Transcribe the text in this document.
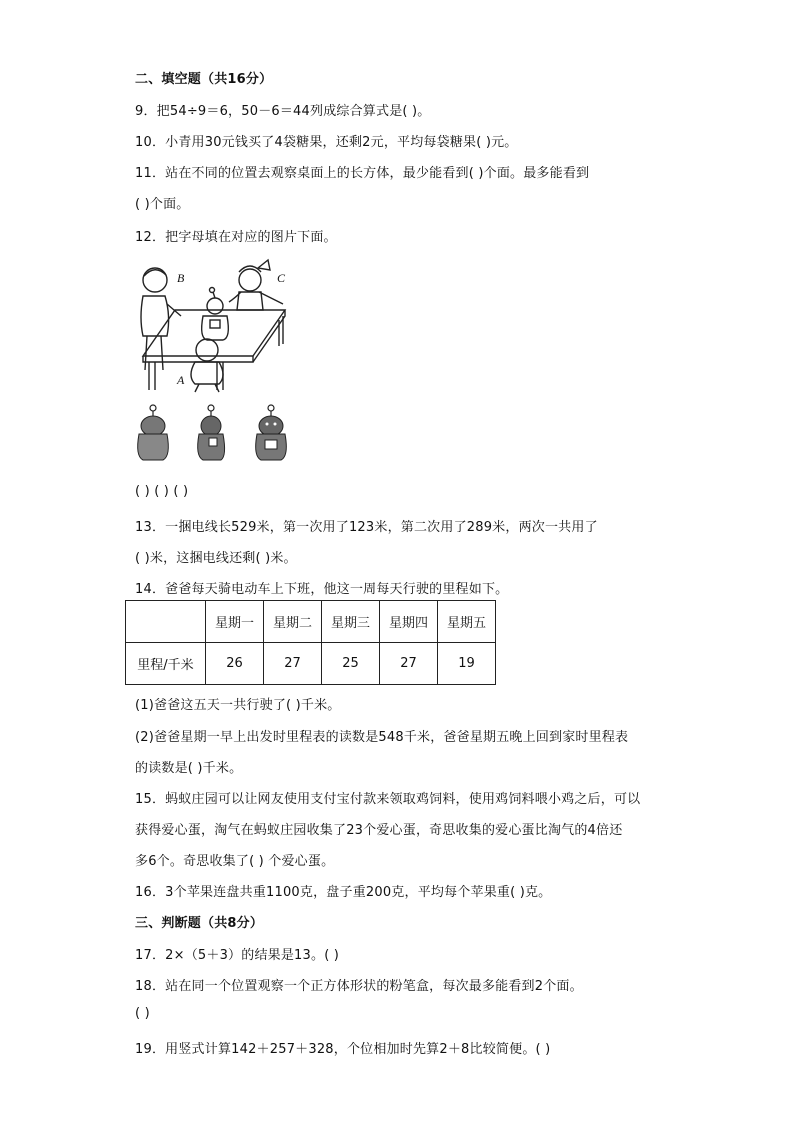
二、填空题（共16分）
9．把54÷9＝6，50－6＝44列成综合算式是( )。
10．小青用30元钱买了4袋糖果，还剩2元，平均每袋糖果( )元。
11．站在不同的位置去观察桌面上的长方体，最少能看到( )个面。最多能看到
( )个面。
12．把字母填在对应的图片下面。
B	C
A
( ) ( ) ( )
13．一捆电线长529米，第一次用了123米，第二次用了289米，两次一共用了
( )米，这捆电线还剩( )米。
14．爸爸每天骑电动车上下班，他这一周每天行驶的里程如下。
	星期一	星期二	星期三	星期四	星期五
里程/千米	26	27	25	27	19
(1)爸爸这五天一共行驶了( )千米。
(2)爸爸星期一早上出发时里程表的读数是548千米，爸爸星期五晚上回到家时里程表
的读数是( )千米。
15．蚂蚁庄园可以让网友使用支付宝付款来领取鸡饲料，使用鸡饲料喂小鸡之后，可以
获得爱心蛋，淘气在蚂蚁庄园收集了23个爱心蛋，奇思收集的爱心蛋比淘气的4倍还
多6个。奇思收集了( ) 个爱心蛋。
16．3个苹果连盘共重1100克，盘子重200克，平均每个苹果重( )克。
三、判断题（共8分）
17．2×（5＋3）的结果是13。( )
18．站在同一个位置观察一个正方体形状的粉笔盒，每次最多能看到2个面。
( )
19．用竖式计算142＋257＋328，个位相加时先算2＋8比较简便。( )
